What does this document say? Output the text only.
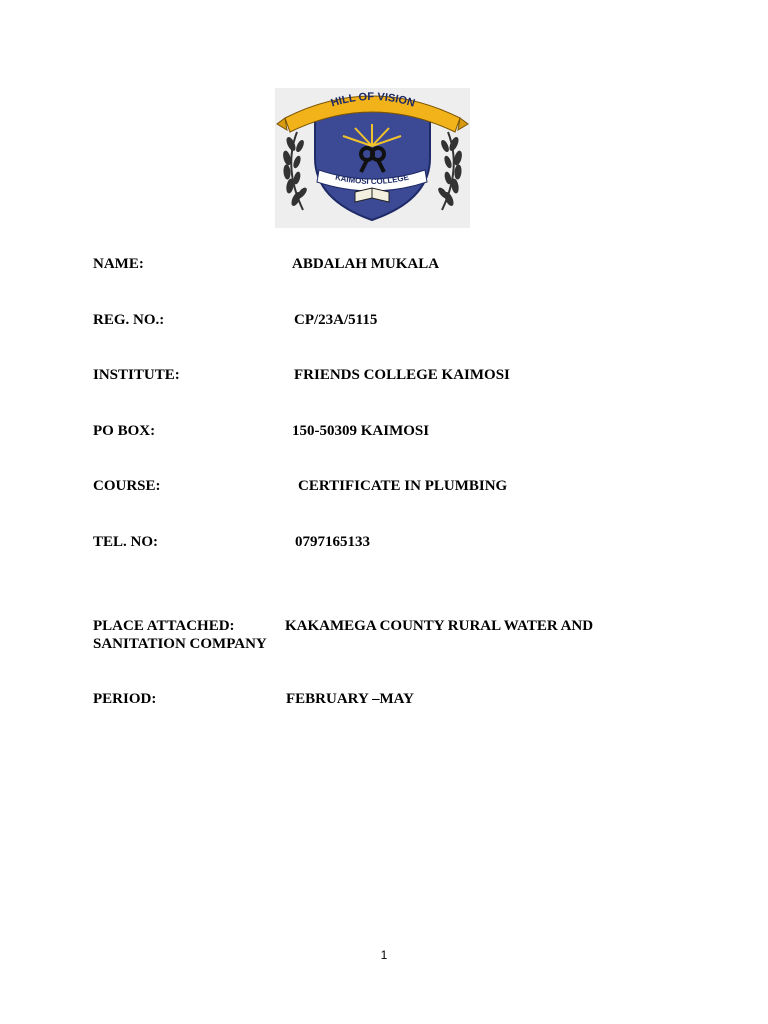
KAIMOSI COLLEGE
HILL OF VISION
NAME:	ABDALAH MUKALA
REG. NO.:	CP/23A/5115
INSTITUTE:	FRIENDS COLLEGE KAIMOSI
PO BOX:	150-50309 KAIMOSI
COURSE:	CERTIFICATE IN PLUMBING
TEL. NO:	0797165133
PLACE ATTACHED:	KAKAMEGA COUNTY RURAL WATER AND SANITATION COMPANY
PERIOD:	FEBRUARY –MAY
1
